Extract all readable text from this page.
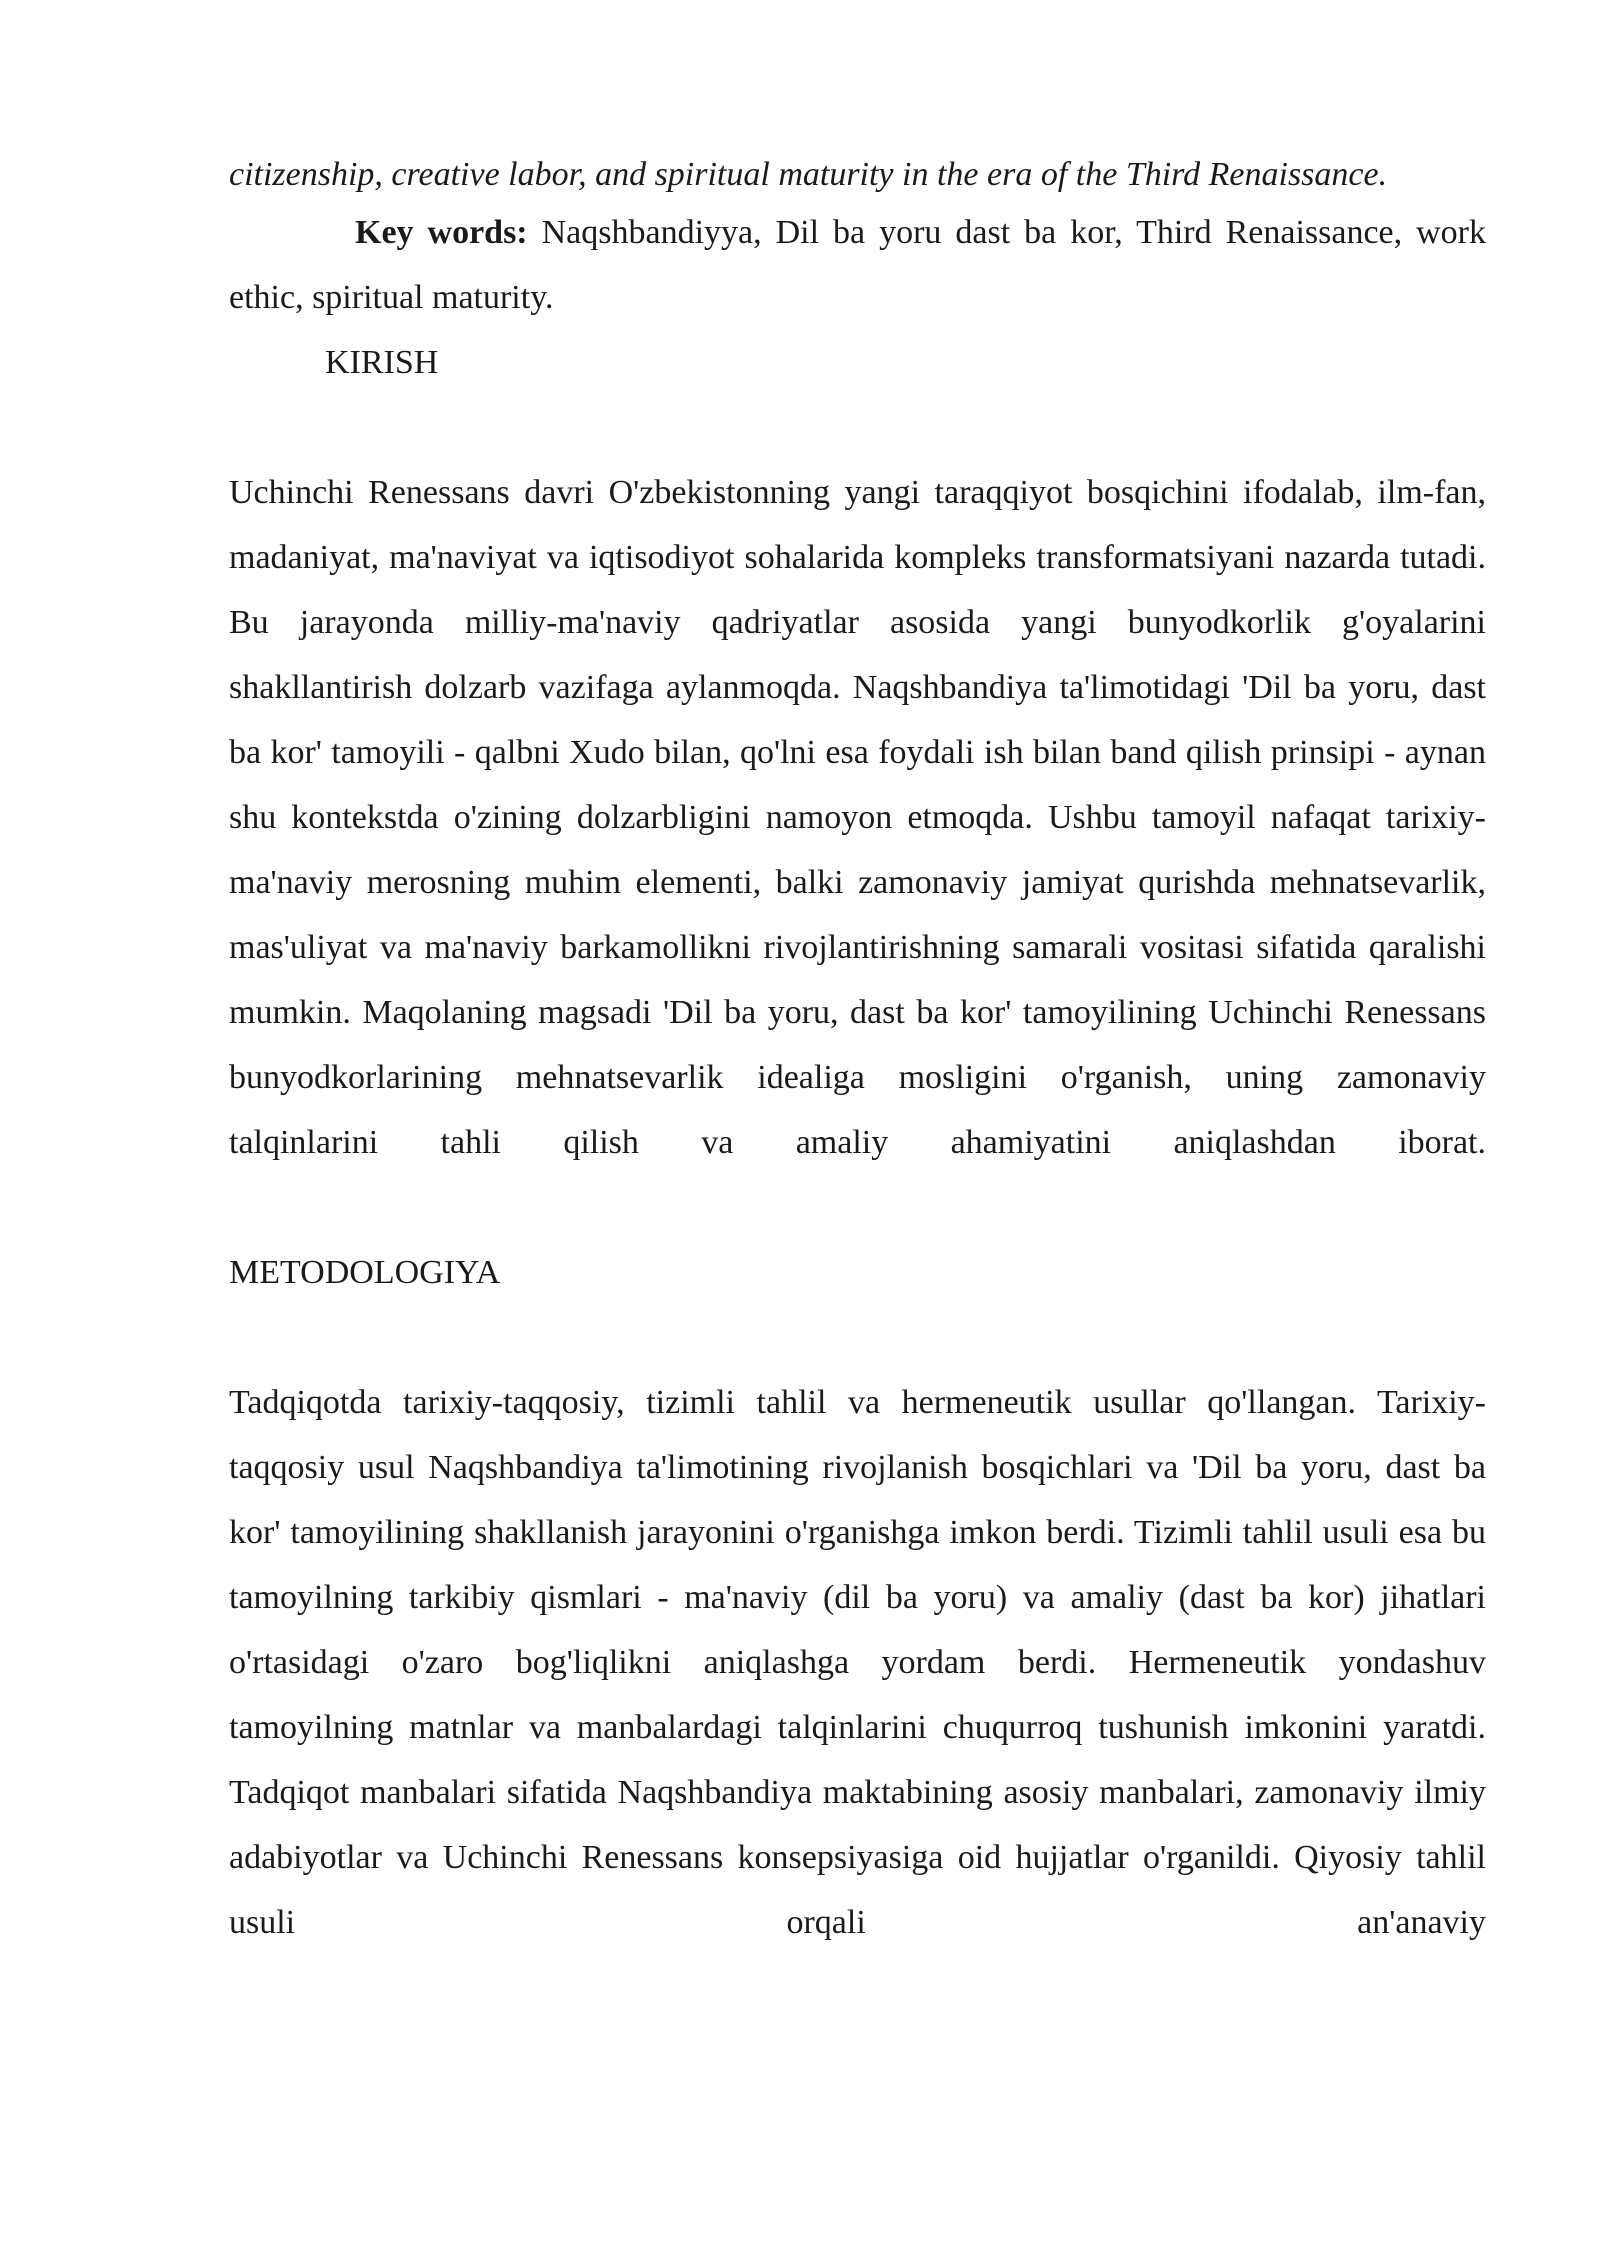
citizenship, creative labor, and spiritual maturity in the era of the Third Renaissance.

Key words: Naqshbandiyya, Dil ba yoru dast ba kor, Third Renaissance, work ethic, spiritual maturity.

KIRISH

Uchinchi Renessans davri O'zbekistonning yangi taraqqiyot bosqichini ifodalab, ilm-fan, madaniyat, ma'naviyat va iqtisodiyot sohalarida kompleks transformatsiyani nazarda tutadi. Bu jarayonda milliy-ma'naviy qadriyatlar asosida yangi bunyodkorlik g'oyalarini shakllantirish dolzarb vazifaga aylanmoqda. Naqshbandiya ta'limotidagi 'Dil ba yoru, dast ba kor' tamoyili - qalbni Xudo bilan, qo'lni esa foydali ish bilan band qilish prinsipi - aynan shu kontekstda o'zining dolzarbligini namoyon etmoqda. Ushbu tamoyil nafaqat tarixiy-ma'naviy merosning muhim elementi, balki zamonaviy jamiyat qurishda mehnatsevarlik, mas'uliyat va ma'naviy barkamollikni rivojlantirishning samarali vositasi sifatida qaralishi mumkin. Maqolaning magsadi 'Dil ba yoru, dast ba kor' tamoyilining Uchinchi Renessans bunyodkorlarining mehnatsevarlik idealiga mosligini o'rganish, uning zamonaviy talqinlarini tahli qilish va amaliy ahamiyatini aniqlashdan iborat.

METODOLOGIYA

Tadqiqotda tarixiy-taqqosiy, tizimli tahlil va hermeneutik usullar qo'llangan. Tarixiy-taqqosiy usul Naqshbandiya ta'limotining rivojlanish bosqichlari va 'Dil ba yoru, dast ba kor' tamoyilining shakllanish jarayonini o'rganishga imkon berdi. Tizimli tahlil usuli esa bu tamoyilning tarkibiy qismlari - ma'naviy (dil ba yoru) va amaliy (dast ba kor) jihatlari o'rtasidagi o'zaro bog'liqlikni aniqlashga yordam berdi. Hermeneutik yondashuv tamoyilning matnlar va manbalardagi talqinlarini chuqurroq tushunish imkonini yaratdi. Tadqiqot manbalari sifatida Naqshbandiya maktabining asosiy manbalari, zamonaviy ilmiy adabiyotlar va Uchinchi Renessans konsepsiyasiga oid hujjatlar o'rganildi. Qiyosiy tahlil usuli orqali an'anaviy
